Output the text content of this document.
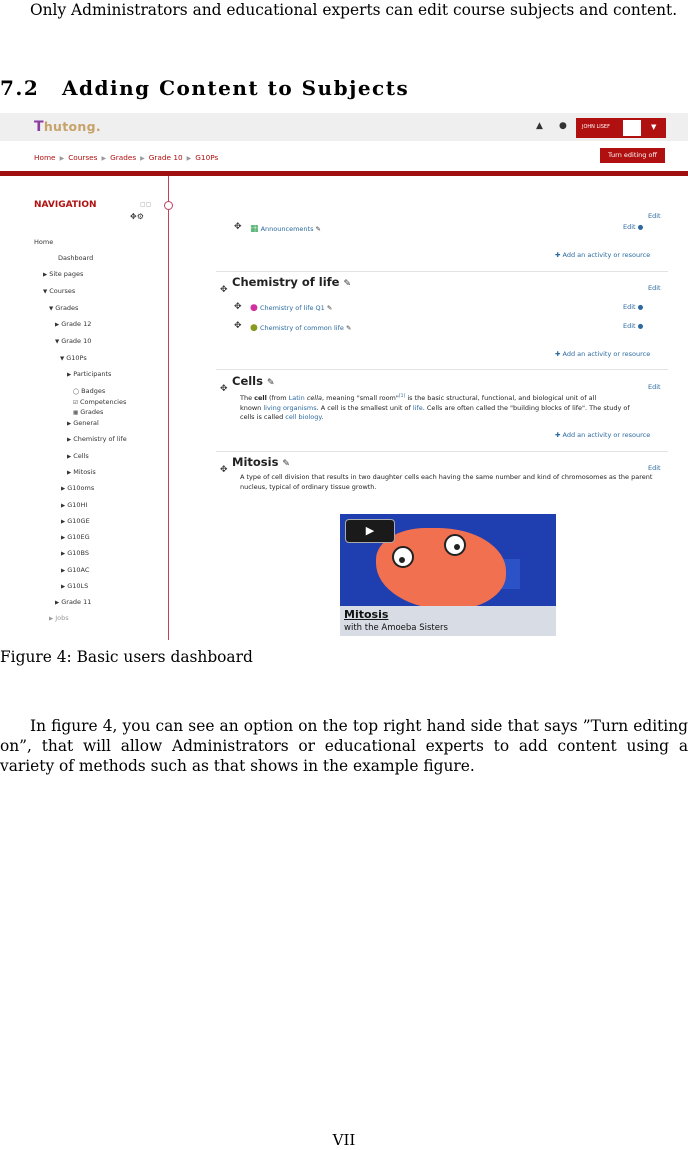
Only Administrators and educational experts can edit course subjects and content.
7.2 Adding Content to Subjects
Thutong.	▲ ●	JOHN LISEF	▼
Home ▶ Courses ▶ Grades ▶ Grade 10 ▶ G10Ps	Turn editing off
NAVIGATION	▢▢
✥⚙
Home
Dashboard
▶ Site pages
▼ Courses
▼ Grades
▶ Grade 12
▼ Grade 10
▼ G10Ps
▶ Participants
◯ Badges
☑ Competencies
▦ Grades
▶ General
▶ Chemistry of life
▶ Cells
▶ Mitosis
▶ G10oms
▶ G10HI
▶ G10GE
▶ G10EG
▶ G10BS
▶ G10AC
▶ G10LS
▶ Grade 11
▶ Jobs
Edit
✥ ▦ Announcements ✎	Edit ●
✚ Add an activity or resource
✥
Chemistry of life ✎	Edit
✥ ● Chemistry of life Q1 ✎	Edit ●
✥ ● Chemistry of common life ✎	Edit ●
✚ Add an activity or resource
✥
Cells ✎	Edit
The cell (from Latin cella, meaning "small room"[1] is the basic structural, functional, and biological unit of all
known living organisms. A cell is the smallest unit of life. Cells are often called the "building blocks of life". The study of
cells is called cell biology.
✚ Add an activity or resource
✥
Mitosis ✎	Edit
A type of cell division that results in two daughter cells each having the same number and kind of chromosomes as the parent nucleus, typical of ordinary tissue growth.
▶
Mitosis
with the Amoeba Sisters
Figure 4: Basic users dashboard
In figure 4, you can see an option on the top right hand side that says ”Turn editing on”, that will allow Administrators or educational experts to add content using a variety of methods such as that shows in the example figure.
VII
